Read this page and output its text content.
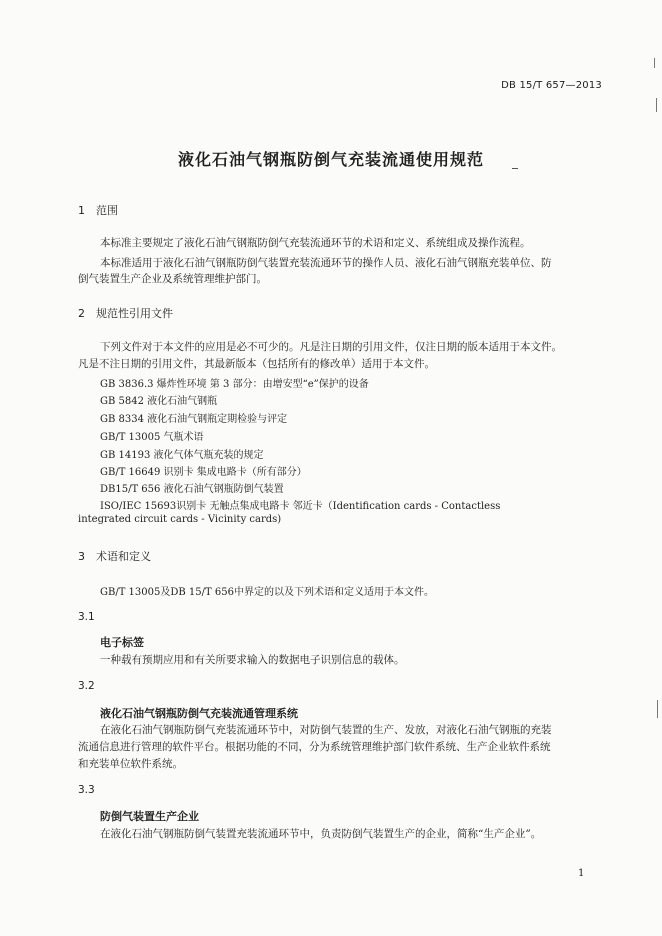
DB 15/T 657—2013
液化石油气钢瓶防倒气充装流通使用规范
1 范围
本标准主要规定了液化石油气钢瓶防倒气充装流通环节的术语和定义、系统组成及操作流程。
本标准适用于液化石油气钢瓶防倒气装置充装流通环节的操作人员、液化石油气钢瓶充装单位、防
倒气装置生产企业及系统管理维护部门。
2 规范性引用文件
下列文件对于本文件的应用是必不可少的。凡是注日期的引用文件，仅注日期的版本适用于本文件。
凡是不注日期的引用文件，其最新版本（包括所有的修改单）适用于本文件。
GB 3836.3 爆炸性环境 第 3 部分：由增安型“e”保护的设备
GB 5842 液化石油气钢瓶
GB 8334 液化石油气钢瓶定期检验与评定
GB/T 13005 气瓶术语
GB 14193 液化气体气瓶充装的规定
GB/T 16649 识别卡 集成电路卡（所有部分）
DB15/T 656 液化石油气钢瓶防倒气装置
ISO/IEC 15693识别卡 无触点集成电路卡 邻近卡（Identification cards - Contactless
integrated circuit cards - Vicinity cards)
3 术语和定义
GB/T 13005及DB 15/T 656中界定的以及下列术语和定义适用于本文件。
3.1
电子标签
一种载有预期应用和有关所要求输入的数据电子识别信息的载体。
3.2
液化石油气钢瓶防倒气充装流通管理系统
在液化石油气钢瓶防倒气充装流通环节中，对防倒气装置的生产、发放，对液化石油气钢瓶的充装
流通信息进行管理的软件平台。根据功能的不同，分为系统管理维护部门软件系统、生产企业软件系统
和充装单位软件系统。
3.3
防倒气装置生产企业
在液化石油气钢瓶防倒气装置充装流通环节中，负责防倒气装置生产的企业，简称“生产企业”。
1
